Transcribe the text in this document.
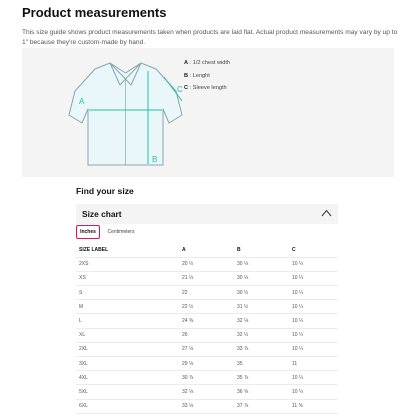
Product measurements
This size guide shows product measurements taken when products are laid flat. Actual product measurements may vary by up to 1" because they're custom-made by hand.
A
B
C
A : 1/2 chest width
B : Lenght
C : Sleeve length
Find your size
Size chart
Inches	Centimeters
SIZE LABEL	A	B	C
2XS	20 ½	30 ⅛	10 ¼
XS	21 ⅛	30 ⅛	10 ¼
S	22	30 ½	10 ¼
M	22 ½	31 ½	10 ¼
L	24 ⅜	32 ⅛	10 ¼
XL	26	32 ½	10 ¼
2XL	27 ⅛	33 ⅞	10 ¼
3XL	29 ⅛	35	11
4XL	30 ⅞	35 ⅞	10 ¼
5XL	32 ⅛	36 ⅝	10 ¼
6XL	33 ⅛	37 ⅞	11 ⅜
